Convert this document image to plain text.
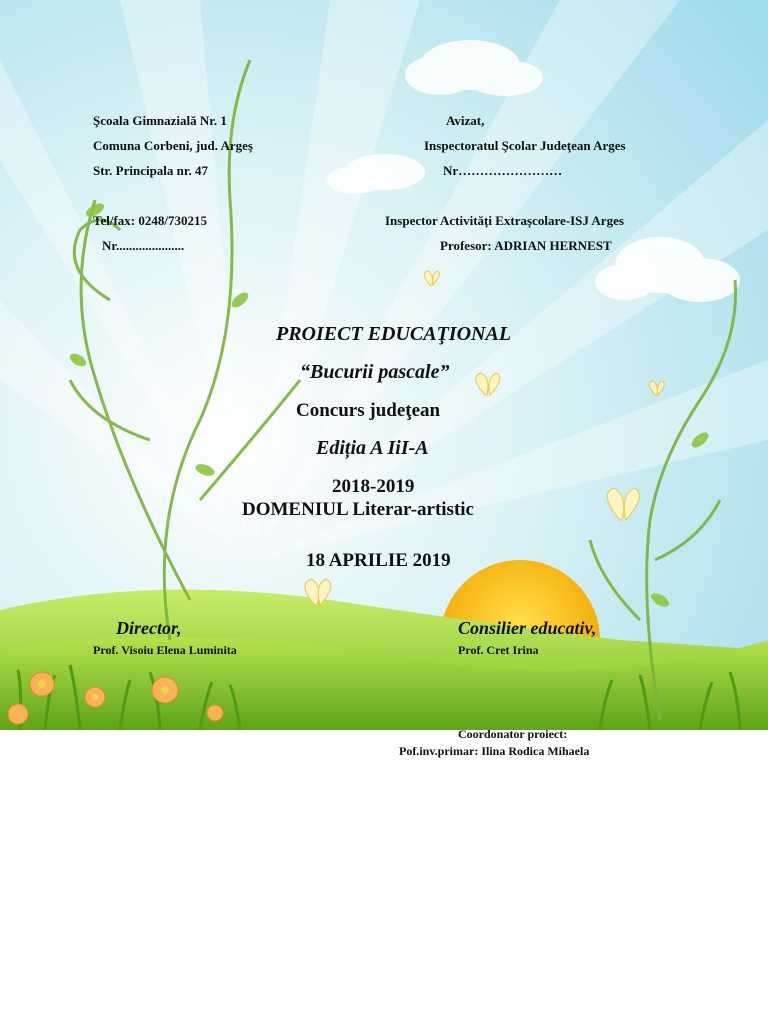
Şcoala Gimnazială Nr. 1
Comuna Corbeni, jud. Argeş
Str. Principala nr. 47
Tel/fax: 0248/730215
Nr.....................
Avizat,
Inspectoratul Şcolar Judeţean Arges
Nr……………………
Inspector Activități Extrașcolare-ISJ Arges
Profesor: ADRIAN HERNEST
PROIECT EDUCAŢIONAL
“Bucurii pascale”
Concurs judeţean
Ediția A IiI-A
2018-2019
DOMENIUL Literar-artistic
18 APRILIE 2019
Director,
Prof. Visoiu Elena Luminita
Consilier educativ,
Prof. Cret Irina
Coordonator proiect:
Pof.inv.primar: Ilina Rodica Mihaela
